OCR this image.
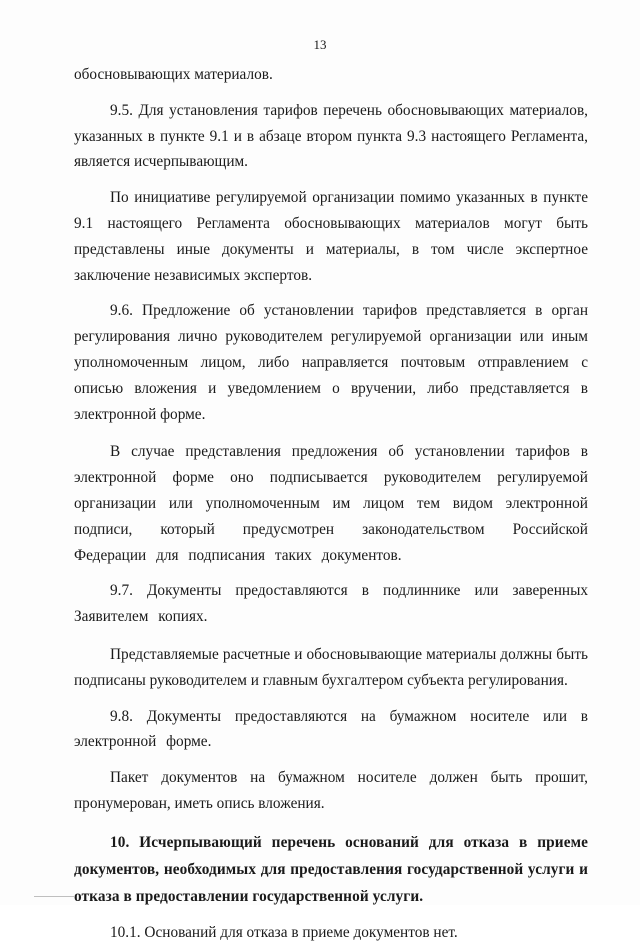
13

обосновывающих материалов.

9.5. Для установления тарифов перечень обосновывающих материалов, указанных в пункте 9.1 и в абзаце втором пункта 9.3 настоящего Регламента, является исчерпывающим.

По инициативе регулируемой организации помимо указанных в пункте 9.1 настоящего Регламента обосновывающих материалов могут быть представлены иные документы и материалы, в том числе экспертное заключение независимых экспертов.

9.6. Предложение об установлении тарифов представляется в орган регулирования лично руководителем регулируемой организации или иным уполномоченным лицом, либо направляется почтовым отправлением с описью вложения и уведомлением о вручении, либо представляется в электронной форме.

В случае представления предложения об установлении тарифов в электронной форме оно подписывается руководителем регулируемой организации или уполномоченным им лицом тем видом электронной подписи, который предусмотрен законодательством Российской Федерации для подписания таких документов.

9.7. Документы предоставляются в подлиннике или заверенных Заявителем копиях.

Представляемые расчетные и обосновывающие материалы должны быть подписаны руководителем и главным бухгалтером субъекта регулирования.

9.8. Документы предоставляются на бумажном носителе или в электронной форме.

Пакет документов на бумажном носителе должен быть прошит, пронумерован, иметь опись вложения.

10. Исчерпывающий перечень оснований для отказа в приеме документов, необходимых для предоставления государственной услуги и отказа в предоставлении государственной услуги.

10.1. Оснований для отказа в приеме документов нет.
